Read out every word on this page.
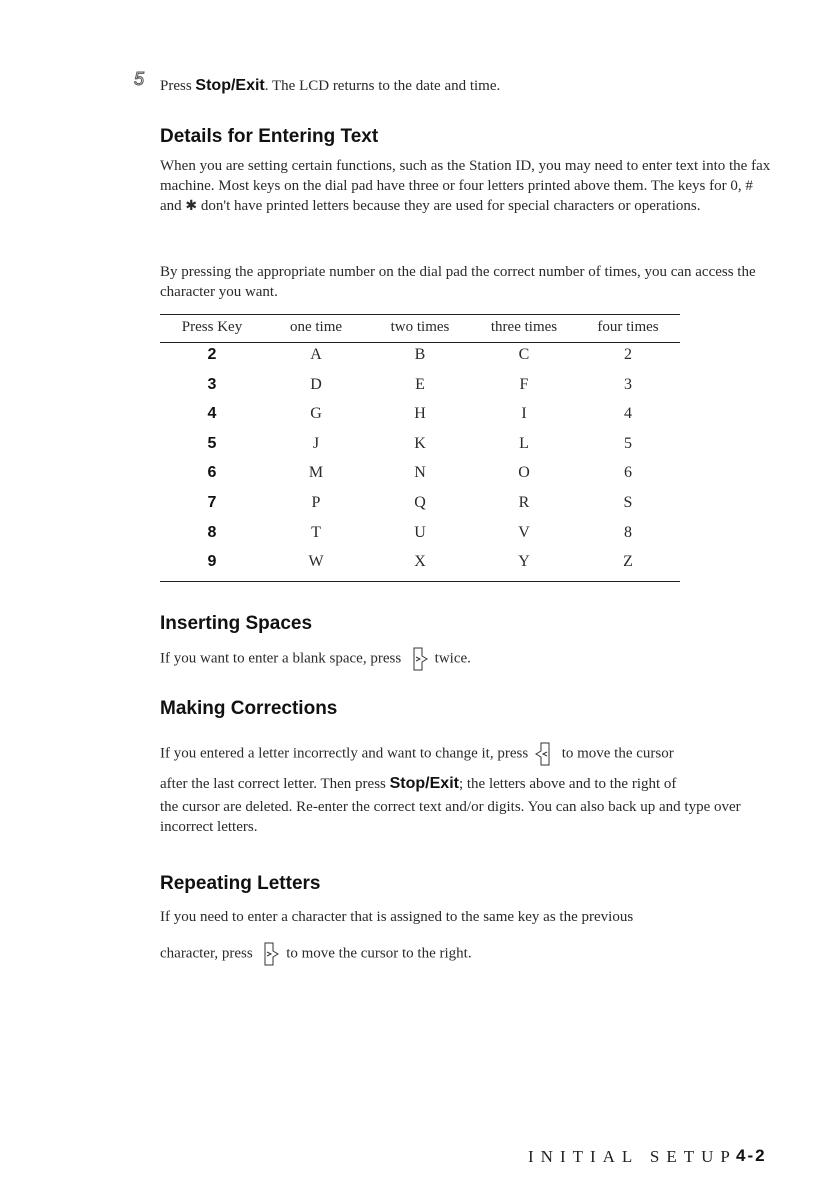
5 Press Stop/Exit. The LCD returns to the date and time.
Details for Entering Text

When you are setting certain functions, such as the Station ID, you may need to enter text into the fax machine. Most keys on the dial pad have three or four letters printed above them. The keys for 0, # and ✱ don't have printed letters because they are used for special characters or operations.

By pressing the appropriate number on the dial pad the correct number of times, you can access the character you want.

Press Key	one time	two times	three times	four times
2	A	B	C	2
3	D	E	F	3
4	G	H	I	4
5	J	K	L	5
6	M	N	O	6
7	P	Q	R	S
8	T	U	V	8
9	W	X	Y	Z
Inserting Spaces
If you want to enter a blank space, press twice.
Making Corrections
If you entered a letter incorrectly and want to change it, press to move the cursor
after the last correct letter. Then press Stop/Exit; the letters above and to the right of

the cursor are deleted. Re-enter the correct text and/or digits. You can also back up and type over incorrect letters.

Repeating Letters

If you need to enter a character that is assigned to the same key as the previous

character, press to move the cursor to the right.
INITIAL SETUP 4-2
